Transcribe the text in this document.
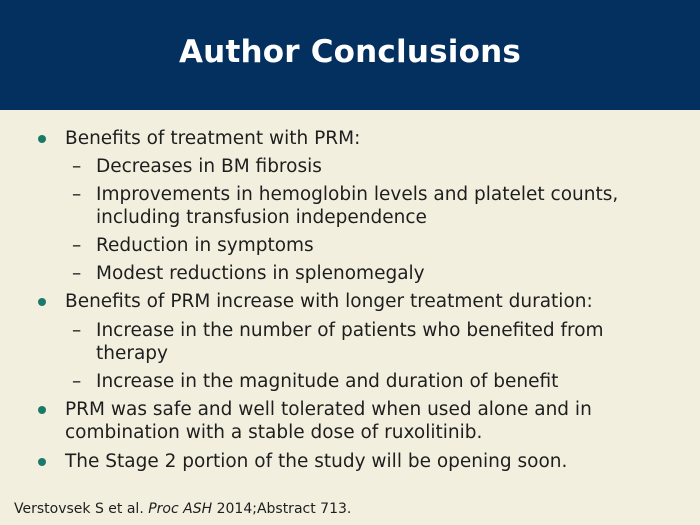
Author Conclusions
Benefits of treatment with PRM:
– Decreases in BM fibrosis
– Improvements in hemoglobin levels and platelet counts,
including transfusion independence
– Reduction in symptoms
– Modest reductions in splenomegaly
Benefits of PRM increase with longer treatment duration:
– Increase in the number of patients who benefited from
therapy
– Increase in the magnitude and duration of benefit
PRM was safe and well tolerated when used alone and in
combination with a stable dose of ruxolitinib.
The Stage 2 portion of the study will be opening soon.
Verstovsek S et al. Proc ASH 2014;Abstract 713.
